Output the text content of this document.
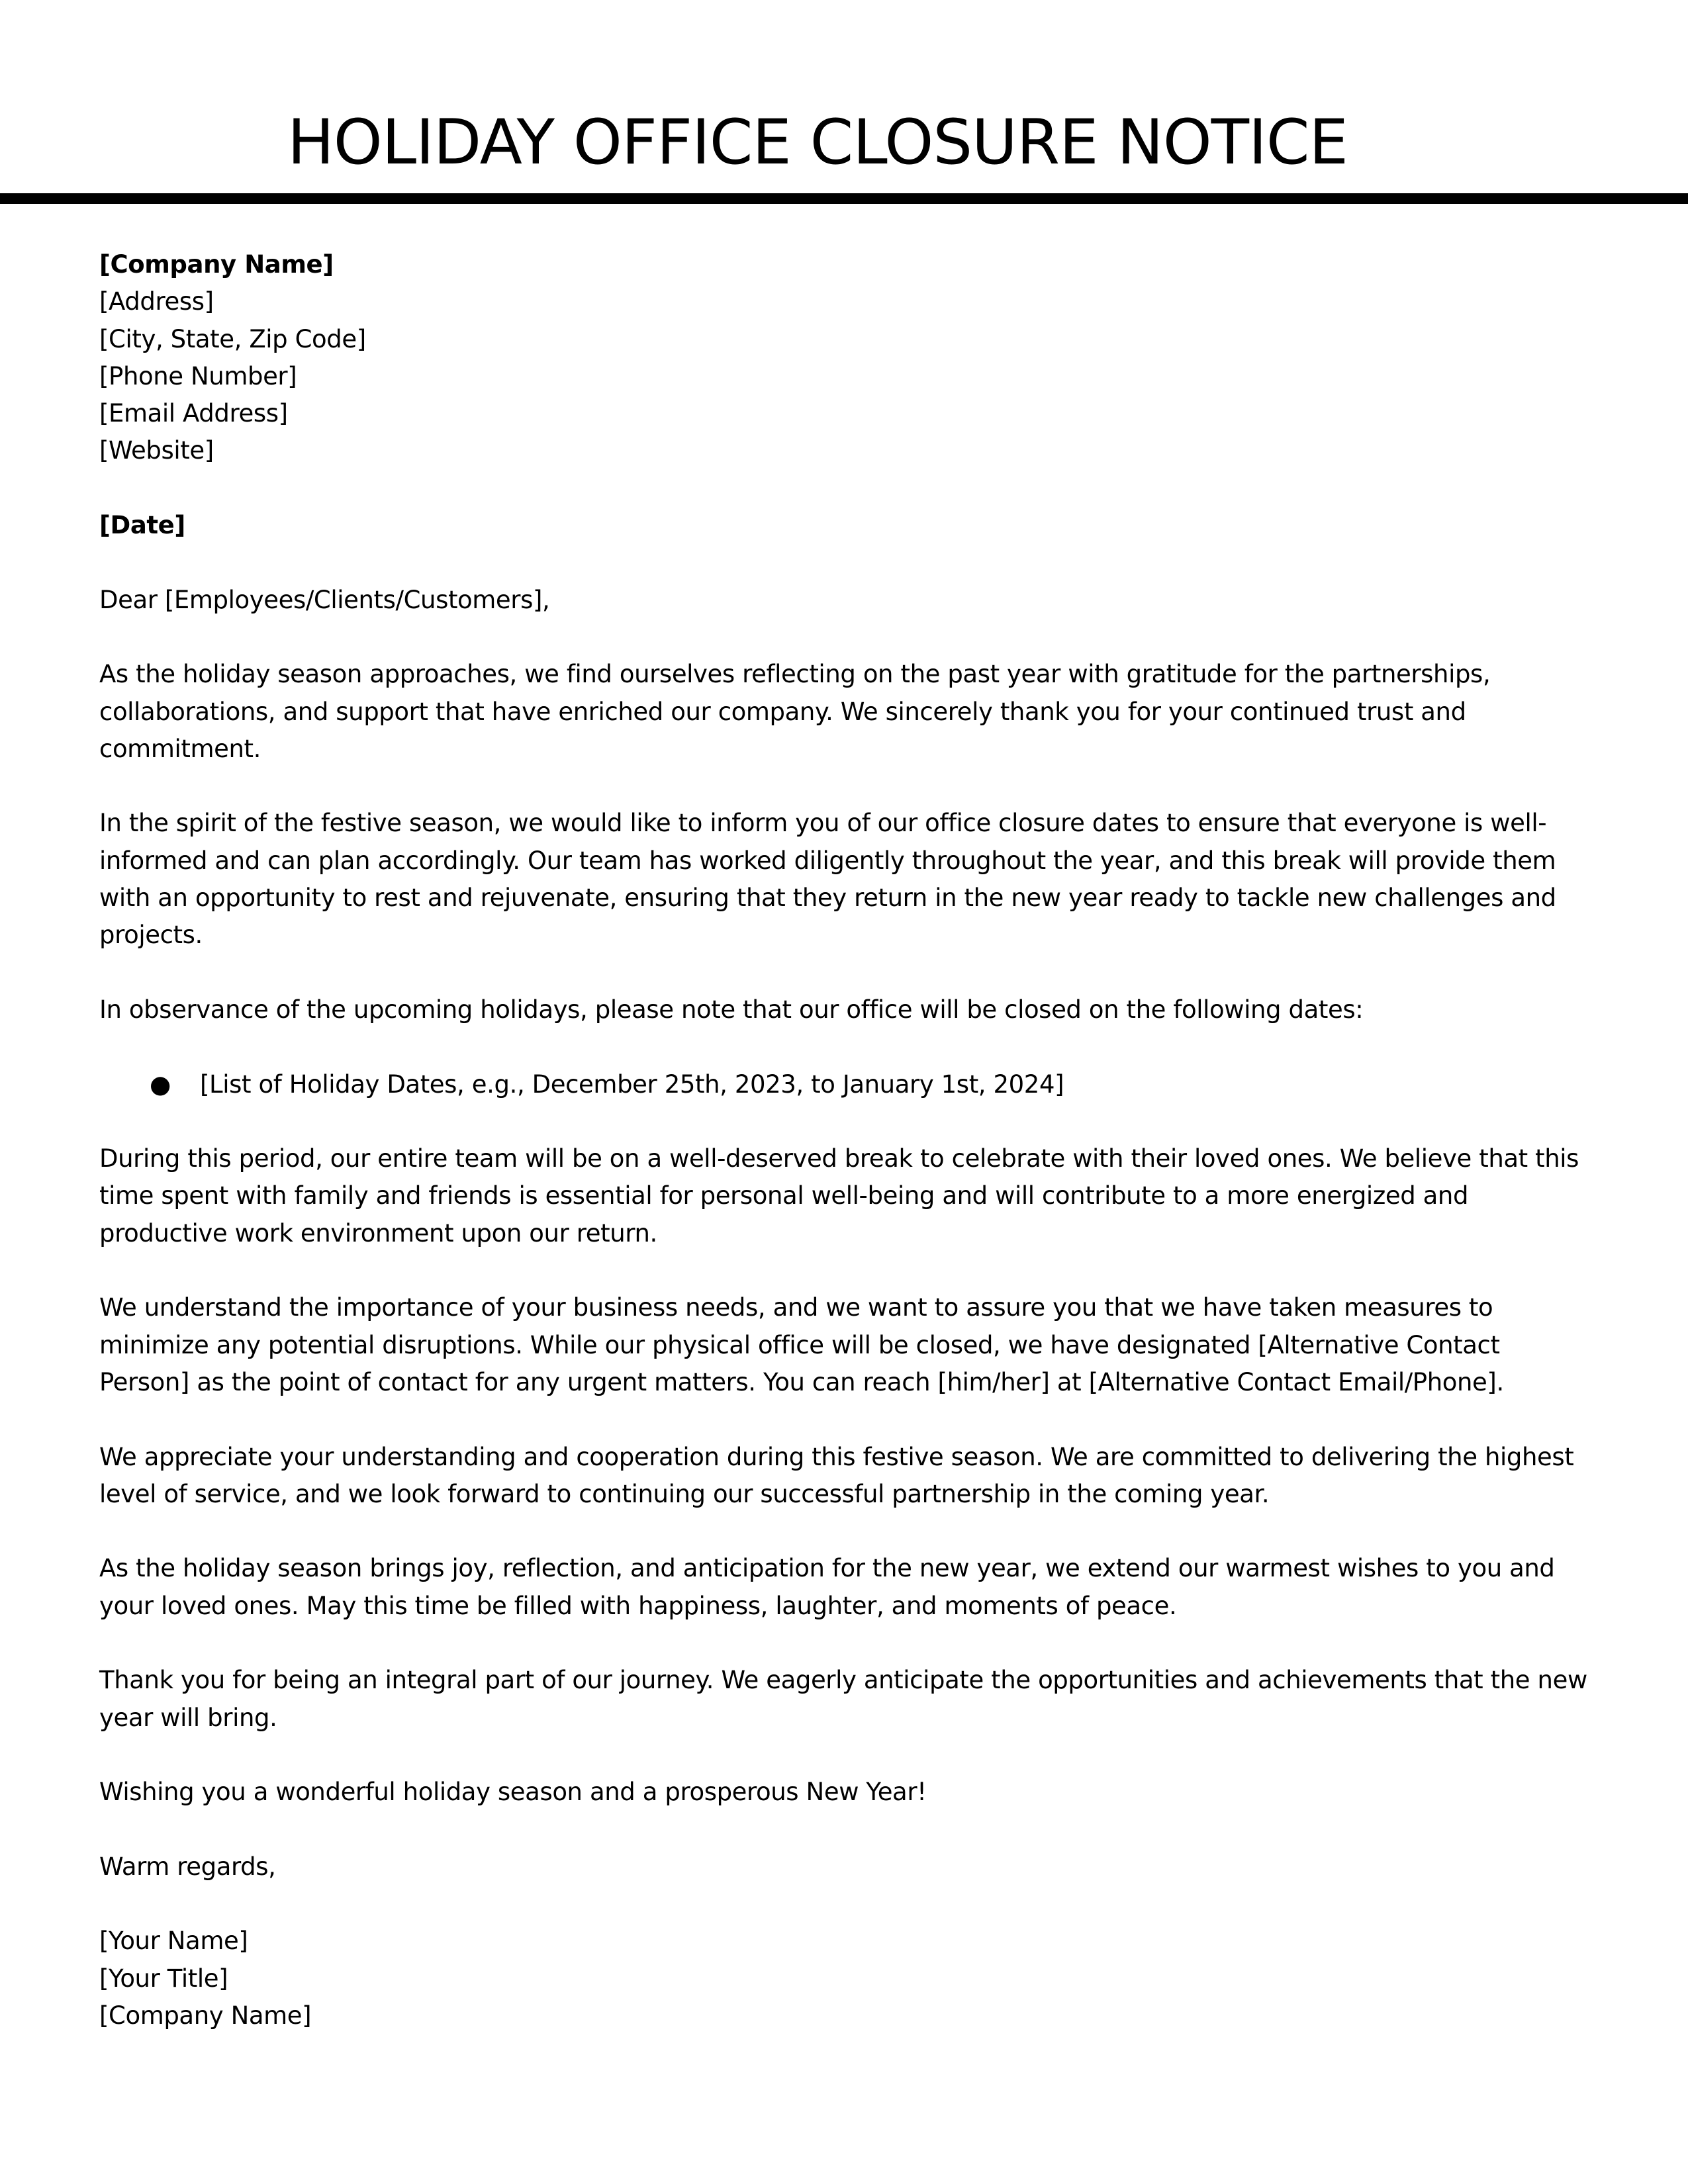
HOLIDAY OFFICE CLOSURE NOTICE

[Company Name]
[Address]
[City, State, Zip Code]
[Phone Number]
[Email Address]
[Website]

[Date]

Dear [Employees/Clients/Customers],

As the holiday season approaches, we find ourselves reflecting on the past year with gratitude for the partnerships, collaborations, and support that have enriched our company. We sincerely thank you for your continued trust and commitment.

In the spirit of the festive season, we would like to inform you of our office closure dates to ensure that everyone is well-informed and can plan accordingly. Our team has worked diligently throughout the year, and this break will provide them with an opportunity to rest and rejuvenate, ensuring that they return in the new year ready to tackle new challenges and projects.

In observance of the upcoming holidays, please note that our office will be closed on the following dates:

● [List of Holiday Dates, e.g., December 25th, 2023, to January 1st, 2024]

During this period, our entire team will be on a well-deserved break to celebrate with their loved ones. We believe that this time spent with family and friends is essential for personal well-being and will contribute to a more energized and productive work environment upon our return.

We understand the importance of your business needs, and we want to assure you that we have taken measures to minimize any potential disruptions. While our physical office will be closed, we have designated [Alternative Contact Person] as the point of contact for any urgent matters. You can reach [him/her] at [Alternative Contact Email/Phone].

We appreciate your understanding and cooperation during this festive season. We are committed to delivering the highest level of service, and we look forward to continuing our successful partnership in the coming year.

As the holiday season brings joy, reflection, and anticipation for the new year, we extend our warmest wishes to you and your loved ones. May this time be filled with happiness, laughter, and moments of peace.

Thank you for being an integral part of our journey. We eagerly anticipate the opportunities and achievements that the new year will bring.

Wishing you a wonderful holiday season and a prosperous New Year!

Warm regards,

[Your Name]

[Your Title]

[Company Name]
